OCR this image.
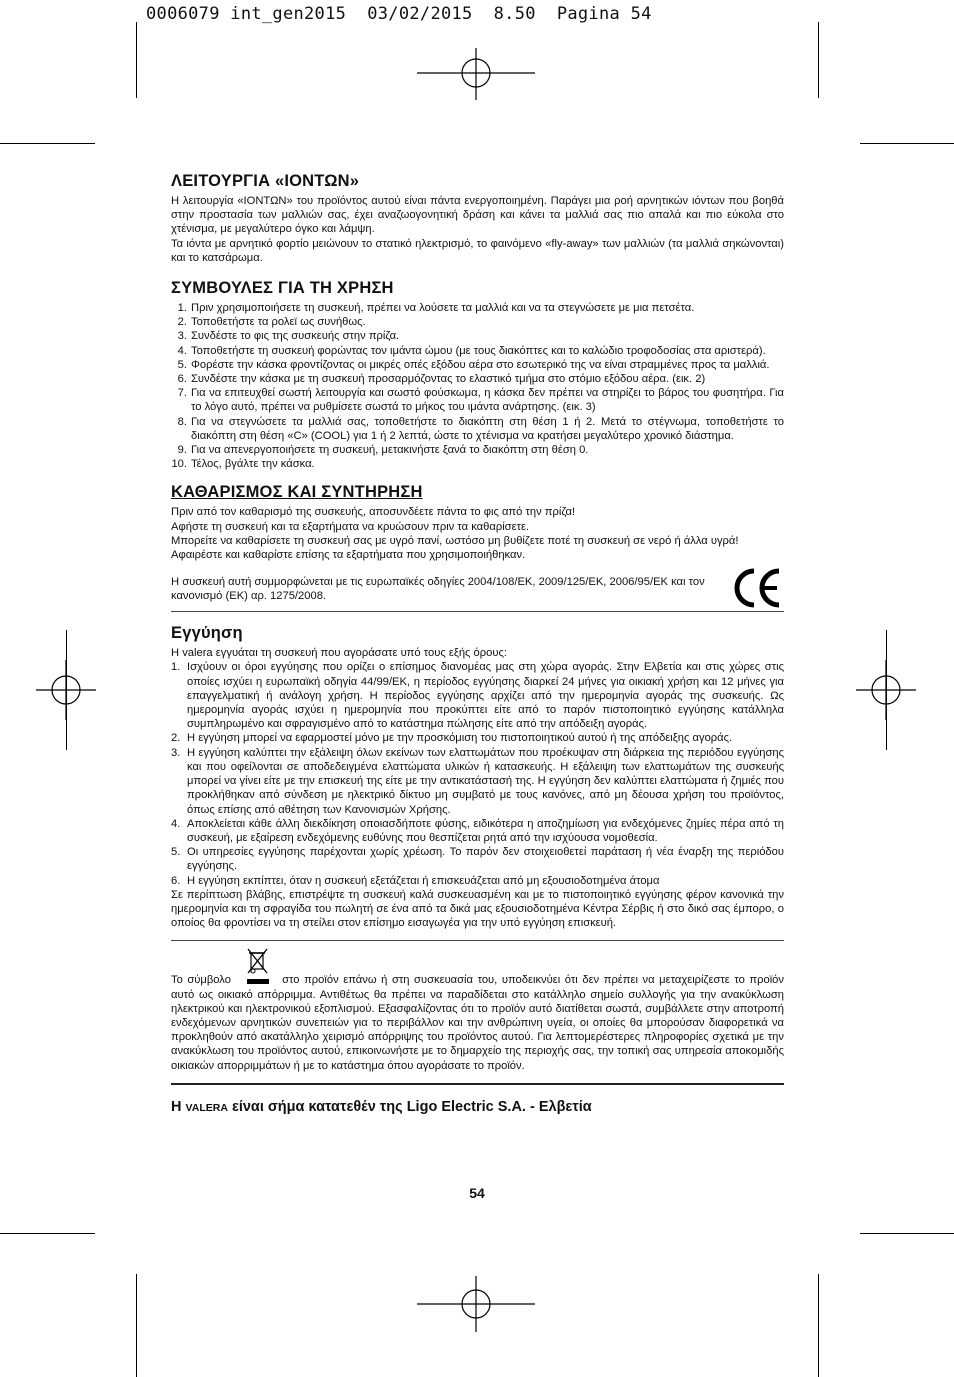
0006079 int_gen2015  03/02/2015  8.50  Pagina 54
ΛΕΙΤΟΥΡΓΙΑ «ΙΟΝΤΩΝ»

Η λειτουργία «ΙΟΝΤΩΝ» του προϊόντος αυτού είναι πάντα ενεργοποιημένη. Παράγει μια ροή αρνητικών ιόντων που βοηθά στην προστασία των μαλλιών σας, έχει αναζωογονητική δράση και κάνει τα μαλλιά σας πιο απαλά και πιο εύκολα στο χτένισμα, με μεγαλύτερο όγκο και λάμψη.

Τα ιόντα με αρνητικό φορτίο μειώνουν το στατικό ηλεκτρισμό, το φαινόμενο «fly-away» των μαλλιών (τα μαλλιά σηκώνονται) και το κατσάρωμα.

ΣΥΜΒΟΥΛΕΣ ΓΙΑ ΤΗ ΧΡΗΣΗ
1. Πριν χρησιμοποιήσετε τη συσκευή, πρέπει να λούσετε τα μαλλιά και να τα στεγνώσετε με μια πετσέτα.
2. Τοποθετήστε τα ρολεϊ ως συνήθως.
3. Συνδέστε το φις της συσκευής στην πρίζα.
4. Τοποθετήστε τη συσκευή φορώντας τον ιμάντα ώμου (με τους διακόπτες και το καλώδιο τροφοδοσίας στα αριστερά).
5. Φορέστε την κάσκα φροντίζοντας οι μικρές οπές εξόδου αέρα στο εσωτερικό της να είναι στραμμένες προς τα μαλλιά.
6. Συνδέστε την κάσκα με τη συσκευή προσαρμόζοντας το ελαστικό τμήμα στο στόμιο εξόδου αέρα. (εικ. 2)
7. Για να επιτευχθεί σωστή λειτουργία και σωστό φούσκωμα, η κάσκα δεν πρέπει να στηρίζει το βάρος του φυσητήρα. Για το λόγο αυτό, πρέπει να ρυθμίσετε σωστά το μήκος του ιμάντα ανάρτησης. (εικ. 3)
8. Για να στεγνώσετε τα μαλλιά σας, τοποθετήστε το διακόπτη στη θέση 1 ή 2. Μετά το στέγνωμα, τοποθετήστε το διακόπτη στη θέση «C» (COOL) για 1 ή 2 λεπτά, ώστε το χτένισμα να κρατήσει μεγαλύτερο χρονικό διάστημα.
9. Για να απενεργοποιήσετε τη συσκευή, μετακινήστε ξανά το διακόπτη στη θέση 0.
10. Τέλος, βγάλτε την κάσκα.
ΚΑΘΑΡΙΣΜΟΣ ΚΑΙ ΣΥΝΤΗΡΗΣΗ

Πριν από τον καθαρισμό της συσκευής, αποσυνδέετε πάντα το φις από την πρίζα!

Αφήστε τη συσκευή και τα εξαρτήματα να κρυώσουν πριν τα καθαρίσετε.

Μπορείτε να καθαρίσετε τη συσκευή σας με υγρό πανί, ωστόσο μη βυθίζετε ποτέ τη συσκευή σε νερό ή άλλα υγρά!

Αφαιρέστε και καθαρίστε επίσης τα εξαρτήματα που χρησιμοποιήθηκαν.

Η συσκευή αυτή συμμορφώνεται με τις ευρωπαϊκές οδηγίες 2004/108/ΕΚ, 2009/125/ΕΚ, 2006/95/ΕΚ και τον κανονισμό (ΕΚ) αρ. 1275/2008.

Εγγύηση

Η valera εγγυάται τη συσκευή που αγοράσατε υπό τους εξής όρους:

1. Ισχύουν οι όροι εγγύησης που ορίζει ο επίσημος διανομέας μας στη χώρα αγοράς. Στην Ελβετία και στις χώρες στις οποίες ισχύει η ευρωπαϊκή οδηγία 44/99/ΕΚ, η περίοδος εγγύησης διαρκεί 24 μήνες για οικιακή χρήση και 12 μήνες για επαγγελματική ή ανάλογη χρήση. Η περίοδος εγγύησης αρχίζει από την ημερομηνία αγοράς της συσκευής. Ως ημερομηνία αγοράς ισχύει η ημερομηνία που προκύπτει είτε από το παρόν πιστοποιητικό εγγύησης κατάλληλα συμπληρωμένο και σφραγισμένο από το κατάστημα πώλησης είτε από την απόδειξη αγοράς.
2. Η εγγύηση μπορεί να εφαρμοστεί μόνο με την προσκόμιση του πιστοποιητικού αυτού ή της απόδειξης αγοράς.
3. Η εγγύηση καλύπτει την εξάλειψη όλων εκείνων των ελαττωμάτων που προέκυψαν στη διάρκεια της περιόδου εγγύησης και που οφείλονται σε αποδεδειγμένα ελαττώματα υλικών ή κατασκευής. Η εξάλειψη των ελαττωμάτων της συσκευής μπορεί να γίνει είτε με την επισκευή της είτε με την αντικατάστασή της. Η εγγύηση δεν καλύπτει ελαττώματα ή ζημιές που προκλήθηκαν από σύνδεση με ηλεκτρικό δίκτυο μη συμβατό με τους κανόνες, από μη δέουσα χρήση του προϊόντος, όπως επίσης από αθέτηση των Κανονισμών Χρήσης.
4. Αποκλείεται κάθε άλλη διεκδίκηση οποιασδήποτε φύσης, ειδικότερα η αποζημίωση για ενδεχόμενες ζημίες πέρα από τη συσκευή, με εξαίρεση ενδεχόμενης ευθύνης που θεσπίζεται ρητά από την ισχύουσα νομοθεσία.
5. Οι υπηρεσίες εγγύησης παρέχονται χωρίς χρέωση. Το παρόν δεν στοιχειοθετεί παράταση ή νέα έναρξη της περιόδου εγγύησης.
6. Η εγγύηση εκπίπτει, όταν η συσκευή εξετάζεται ή επισκευάζεται από μη εξουσιοδοτημένα άτομα

Σε περίπτωση βλάβης, επιστρέψτε τη συσκευή καλά συσκευασμένη και με το πιστοποιητικό εγγύησης φέρον κανονικά την ημερομηνία και τη σφραγίδα του πωλητή σε ένα από τα δικά μας εξουσιοδοτημένα Κέντρα Σέρβις ή στο δικό σας έμπορο, ο οποίος θα φροντίσει να τη στείλει στον επίσημο εισαγωγέα για την υπό εγγύηση επισκευή.

Το σύμβολο	στο προϊόν επάνω ή στη συσκευασία του, υποδεικνύει ότι δεν πρέπει να μεταχειρίζεστε το προϊόν αυτό ως οικιακό απόρριμμα. Αντιθέτως θα πρέπει να παραδίδεται στο κατάλληλο σημείο συλλογής για την ανακύκλωση ηλεκτρικού και ηλεκτρονικού εξοπλισμού. Εξασφαλίζοντας ότι το προϊόν αυτό διατίθεται σωστά, συμβάλλετε στην αποτροπή ενδεχόμενων αρνητικών συνεπειών για το περιβάλλον και την ανθρώπινη υγεία, οι οποίες θα μπορούσαν διαφορετικά να προκληθούν από ακατάλληλο χειρισμό απόρριψης του προϊόντος αυτού. Για λεπτομερέστερες πληροφορίες σχετικά με την ανακύκλωση του προϊόντος αυτού, επικοινωνήστε με το δημαρχείο της περιοχής σας, την τοπική σας υπηρεσία αποκομιδής οικιακών απορριμμάτων ή με το κατάστημα όπου αγοράσατε το προϊόν.

Η VALERA είναι σήμα κατατεθέν της Ligo Electric S.A. - Ελβετία
54
